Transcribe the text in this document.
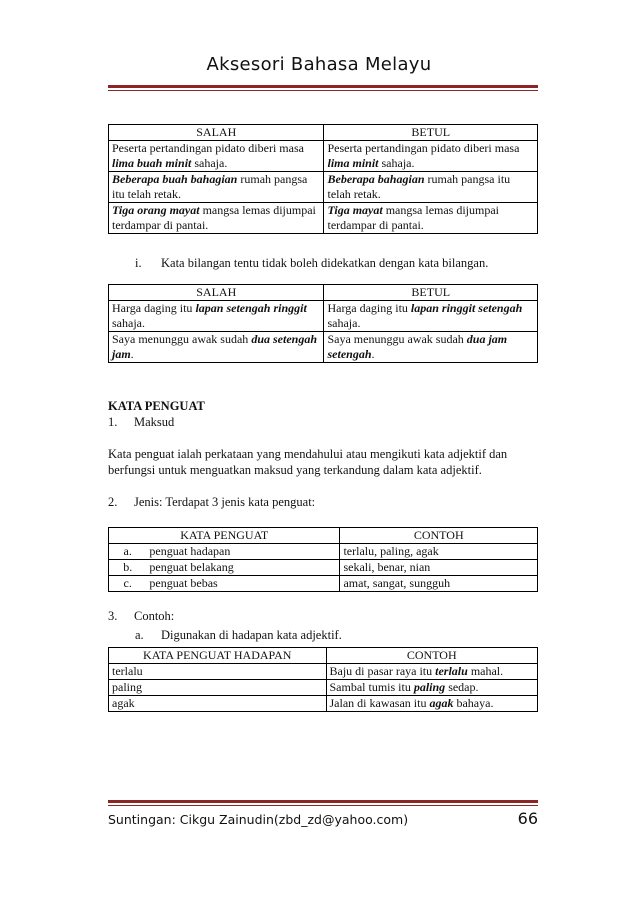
Aksesori Bahasa Melayu
SALAH	BETUL
Peserta pertandingan pidato diberi masa lima buah minit sahaja.	Peserta pertandingan pidato diberi masa lima minit sahaja.
Beberapa buah bahagian rumah pangsa itu telah retak.	Beberapa bahagian rumah pangsa itu telah retak.
Tiga orang mayat mangsa lemas dijumpai terdampar di pantai.	Tiga mayat mangsa lemas dijumpai terdampar di pantai.
i. Kata bilangan tentu tidak boleh didekatkan dengan kata bilangan.
SALAH	BETUL
Harga daging itu lapan setengah ringgit sahaja.	Harga daging itu lapan ringgit setengah sahaja.
Saya menunggu awak sudah dua setengah jam.	Saya menunggu awak sudah dua jam setengah.
KATA PENGUAT
1. Maksud
Kata penguat ialah perkataan yang mendahului atau mengikuti kata adjektif dan berfungsi untuk menguatkan maksud yang terkandung dalam kata adjektif.
2. Jenis: Terdapat 3 jenis kata penguat:
KATA PENGUAT		CONTOH
a.	penguat hadapan	terlalu, paling, agak
b.	penguat belakang	sekali, benar, nian
c.	penguat bebas	amat, sangat, sungguh
3. Contoh:
a. Digunakan di hadapan kata adjektif.
KATA PENGUAT HADAPAN	CONTOH
terlalu	Baju di pasar raya itu terlalu mahal.
paling	Sambal tumis itu paling sedap.
agak	Jalan di kawasan itu agak bahaya.
Suntingan: Cikgu Zainudin(zbd_zd@yahoo.com)	66
